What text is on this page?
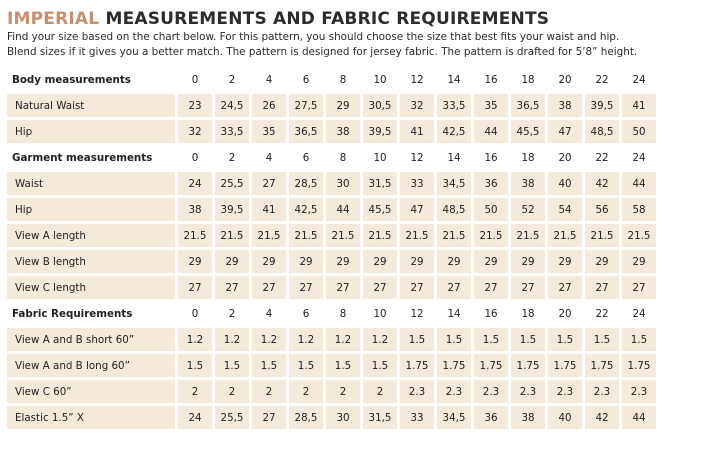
IMPERIAL MEASUREMENTS AND FABRIC REQUIREMENTS
Find your size based on the chart below. For this pattern, you should choose the size that best fits your waist and hip.
Blend sizes if it gives you a better match. The pattern is designed for jersey fabric. The pattern is drafted for 5’8” height.
Body measurements	0	2	4	6	8	10	12	14	16	18	20	22	24
Natural Waist	23	24,5	26	27,5	29	30,5	32	33,5	35	36,5	38	39,5	41
Hip	32	33,5	35	36,5	38	39,5	41	42,5	44	45,5	47	48,5	50
Garment measurements	0	2	4	6	8	10	12	14	16	18	20	22	24
Waist	24	25,5	27	28,5	30	31,5	33	34,5	36	38	40	42	44
Hip	38	39,5	41	42,5	44	45,5	47	48,5	50	52	54	56	58
View A length	21.5	21.5	21.5	21.5	21.5	21.5	21.5	21.5	21.5	21.5	21.5	21.5	21.5
View B length	29	29	29	29	29	29	29	29	29	29	29	29	29
View C length	27	27	27	27	27	27	27	27	27	27	27	27	27
Fabric Requirements	0	2	4	6	8	10	12	14	16	18	20	22	24
View A and B short 60”	1.2	1.2	1.2	1.2	1.2	1.2	1.5	1.5	1.5	1.5	1.5	1.5	1.5
View A and B long 60”	1.5	1.5	1.5	1.5	1.5	1.5	1.75	1.75	1.75	1.75	1.75	1.75	1.75
View C 60”	2	2	2	2	2	2	2.3	2.3	2.3	2.3	2.3	2.3	2.3
Elastic 1.5” X	24	25,5	27	28,5	30	31,5	33	34,5	36	38	40	42	44
